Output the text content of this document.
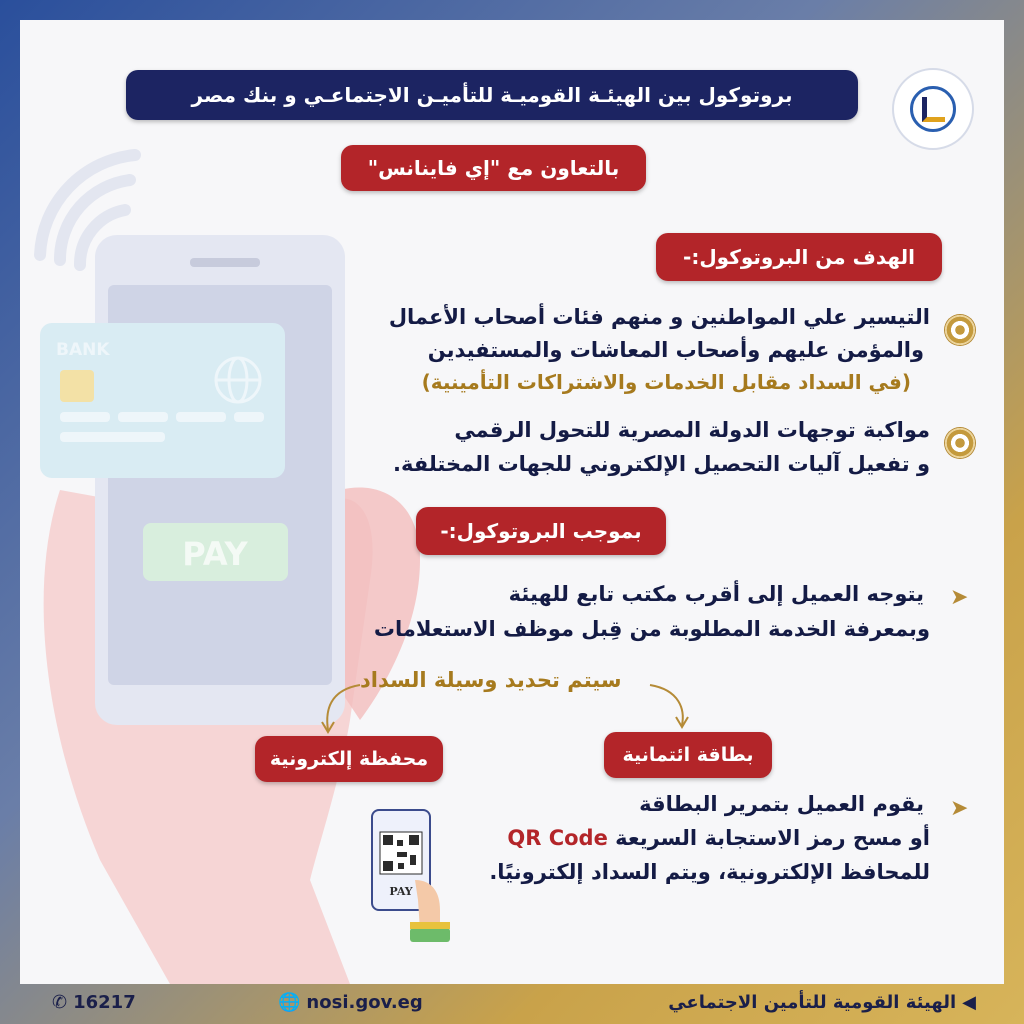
BANK
PAY
PAY
بروتوكول بين الهيئـة القوميـة للتأميـن الاجتماعـي و بنك مصر
بالتعاون مع "إي فاينانس"
الهدف من البروتوكول:-
التيسير علي المواطنين و منهم فئات أصحاب الأعمال
والمؤمن عليهم وأصحاب المعاشات والمستفيدين
(في السداد مقابل الخدمات والاشتراكات التأمينية)
مواكبة توجهات الدولة المصرية للتحول الرقمي
و تفعيل آليات التحصيل الإلكتروني للجهات المختلفة.
بموجب البروتوكول:-
➤
يتوجه العميل إلى أقرب مكتب تابع للهيئة
وبمعرفة الخدمة المطلوبة من قِبل موظف الاستعلامات
سيتم تحديد وسيلة السداد
بطاقة ائتمانية
محفظة إلكترونية
➤
يقوم العميل بتمرير البطاقة
أو مسح رمز الاستجابة السريعة QR Code
للمحافظ الإلكترونية، ويتم السداد إلكترونيًا.
✆ 16217	🌐 nosi.gov.eg	◀
الهيئة القومية للتأمين الاجتماعي
